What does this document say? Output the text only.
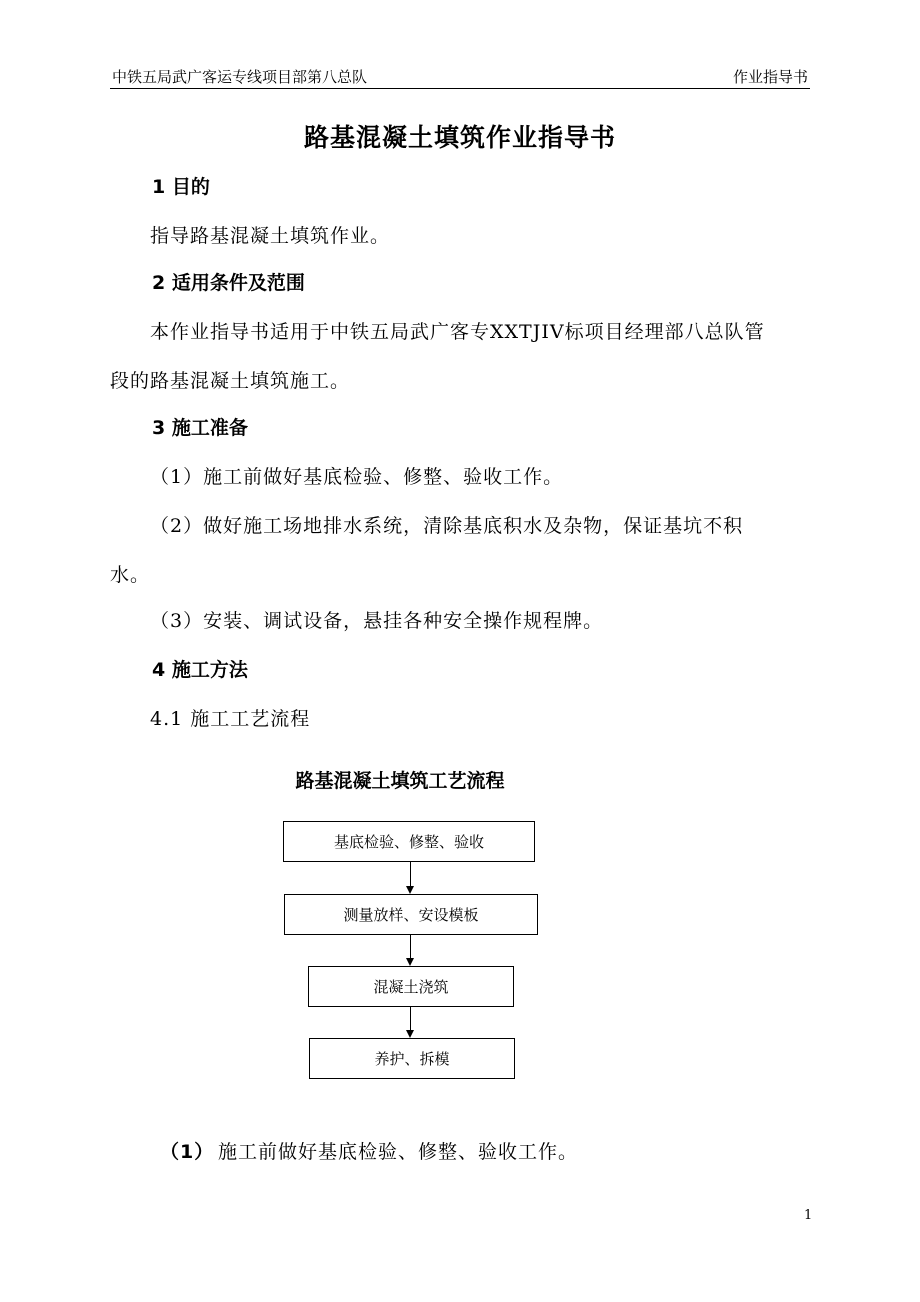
中铁五局武广客运专线项目部第八总队	作业指导书
路基混凝土填筑作业指导书
1 目的
指导路基混凝土填筑作业。
2 适用条件及范围
本作业指导书适用于中铁五局武广客专XXTJIV标项目经理部八总队管
段的路基混凝土填筑施工。
3 施工准备
（1）施工前做好基底检验、修整、验收工作。
（2）做好施工场地排水系统，清除基底积水及杂物，保证基坑不积
水。
（3）安装、调试设备，悬挂各种安全操作规程牌。
4 施工方法
4.1 施工工艺流程
路基混凝土填筑工艺流程
基底检验、修整、验收
测量放样、安设模板
混凝土浇筑
养护、拆模
（1） 施工前做好基底检验、修整、验收工作。
1
